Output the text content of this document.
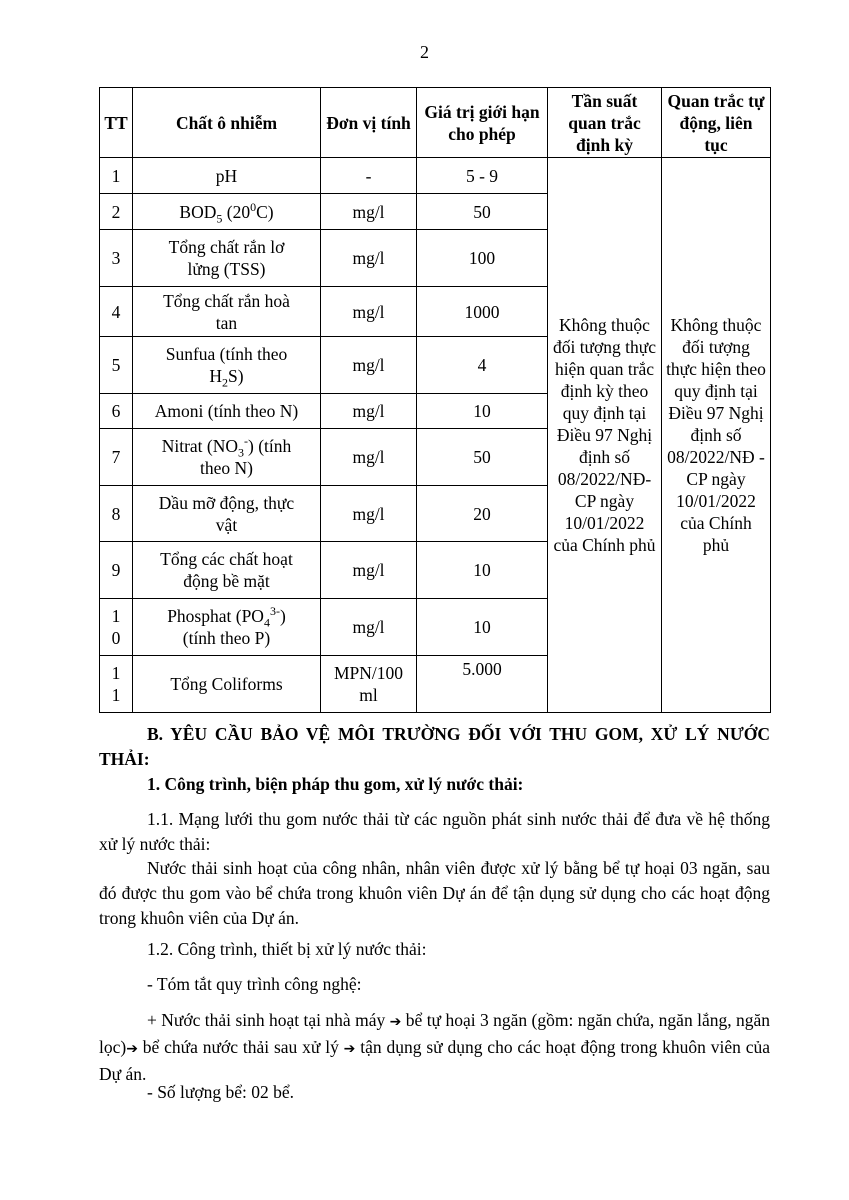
2
TT	Chất ô nhiễm	Đơn vị tính	Giá trị giới hạn cho phép	Tần suất quan trắc định kỳ	Quan trắc tự động, liên tục
1	pH	-	5 - 9	Không thuộc đối tượng thực hiện quan trắc định kỳ theo quy định tại Điều 97 Nghị định số 08/2022/NĐ-CP ngày 10/01/2022 của Chính phủ	Không thuộc đối tượng thực hiện theo quy định tại Điều 97 Nghị định số 08/2022/NĐ -CP ngày 10/01/2022 của Chính phủ
2	$BOD_5$ $(20^0C)$	mg/l	50		
3	Tổng chất rắn lơ lửng (TSS)	mg/l	100		
4	Tổng chất rắn hoà tan	mg/l	1000		
5	Sunfua (tính theo $H_2S$)	mg/l	4		
6	Amoni (tính theo N)	mg/l	10		
7	Nitrat $(NO_3^-)$ (tính theo N)	mg/l	50		
8	Dầu mỡ động, thực vật	mg/l	20		
9	Tổng các chất hoạt động bề mặt	mg/l	10		
10	Phosphat $(PO_4^{3-})$ (tính theo P)	mg/l	10		
11	Tổng Coliforms	MPN/100 ml	5.000		
B. YÊU CẦU BẢO VỆ MÔI TRƯỜNG ĐỐI VỚI THU GOM, XỬ LÝ NƯỚC THẢI:
1. Công trình, biện pháp thu gom, xử lý nước thải:
1.1. Mạng lưới thu gom nước thải từ các nguồn phát sinh nước thải để đưa về hệ thống xử lý nước thải:
Nước thải sinh hoạt của công nhân, nhân viên được xử lý bằng bể tự hoại 03 ngăn, sau đó được thu gom vào bể chứa trong khuôn viên Dự án để tận dụng sử dụng cho các hoạt động trong khuôn viên của Dự án.
1.2. Công trình, thiết bị xử lý nước thải:
- Tóm tắt quy trình công nghệ:
+ Nước thải sinh hoạt tại nhà máy ➔ bể tự hoại 3 ngăn (gồm: ngăn chứa, ngăn lắng, ngăn lọc)➔ bể chứa nước thải sau xử lý ➔ tận dụng sử dụng cho các hoạt động trong khuôn viên của Dự án.
- Số lượng bể: 02 bể.
